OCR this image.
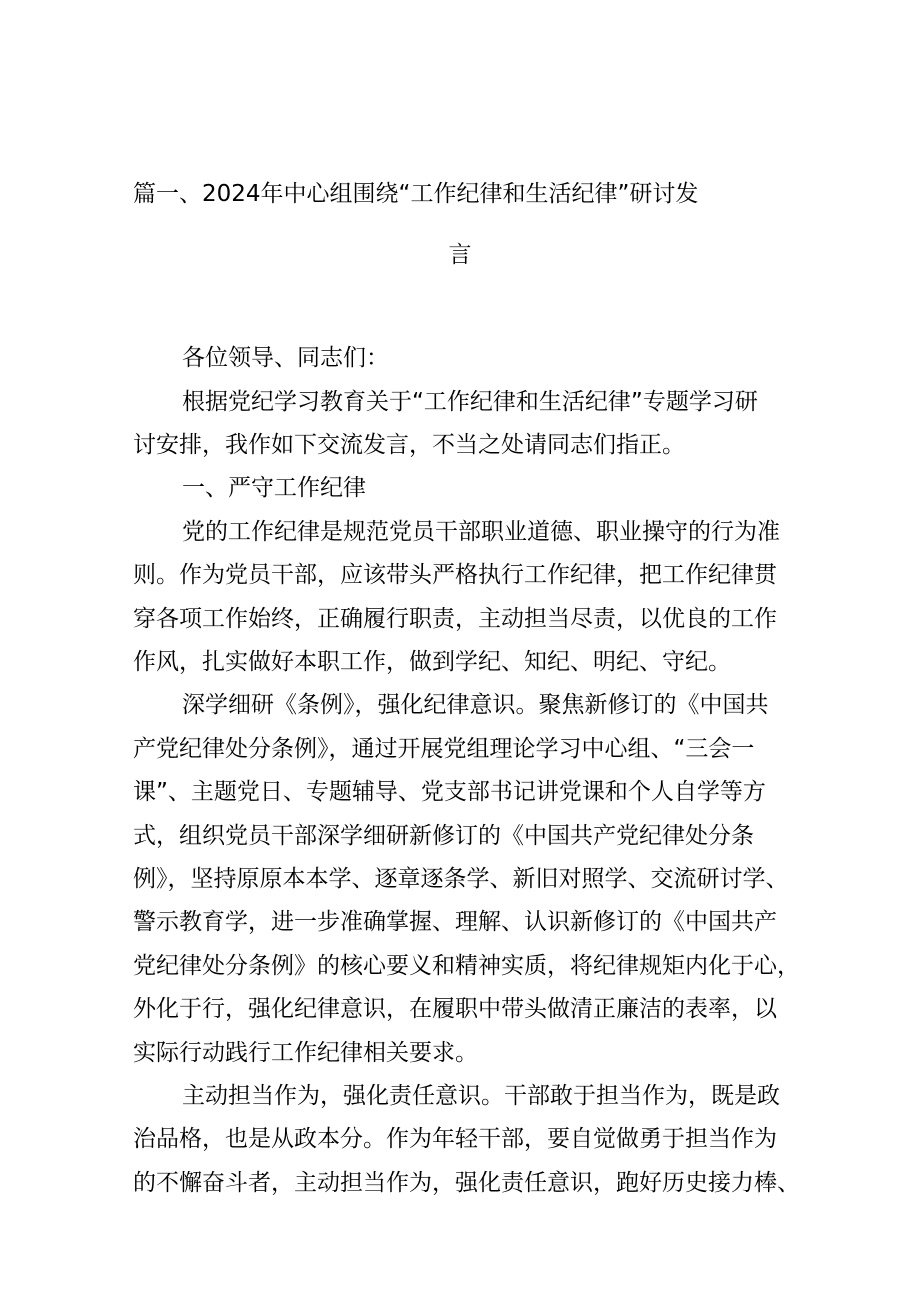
篇一、2024年中心组围绕“工作纪律和生活纪律”研讨发
言
各位领导、同志们：
根据党纪学习教育关于“工作纪律和生活纪律”专题学习研
讨安排，我作如下交流发言，不当之处请同志们指正。
一、严守工作纪律
党的工作纪律是规范党员干部职业道德、职业操守的行为准
则。作为党员干部，应该带头严格执行工作纪律，把工作纪律贯
穿各项工作始终，正确履行职责，主动担当尽责，以优良的工作
作风，扎实做好本职工作，做到学纪、知纪、明纪、守纪。
深学细研《条例》，强化纪律意识。聚焦新修订的《中国共
产党纪律处分条例》，通过开展党组理论学习中心组、“三会一
课”、主题党日、专题辅导、党支部书记讲党课和个人自学等方
式，组织党员干部深学细研新修订的《中国共产党纪律处分条
例》，坚持原原本本学、逐章逐条学、新旧对照学、交流研讨学、
警示教育学，进一步准确掌握、理解、认识新修订的《中国共产
党纪律处分条例》的核心要义和精神实质，将纪律规矩内化于心，
外化于行，强化纪律意识，在履职中带头做清正廉洁的表率，以
实际行动践行工作纪律相关要求。
主动担当作为，强化责任意识。干部敢于担当作为，既是政
治品格，也是从政本分。作为年轻干部，要自觉做勇于担当作为
的不懈奋斗者，主动担当作为，强化责任意识，跑好历史接力棒、
